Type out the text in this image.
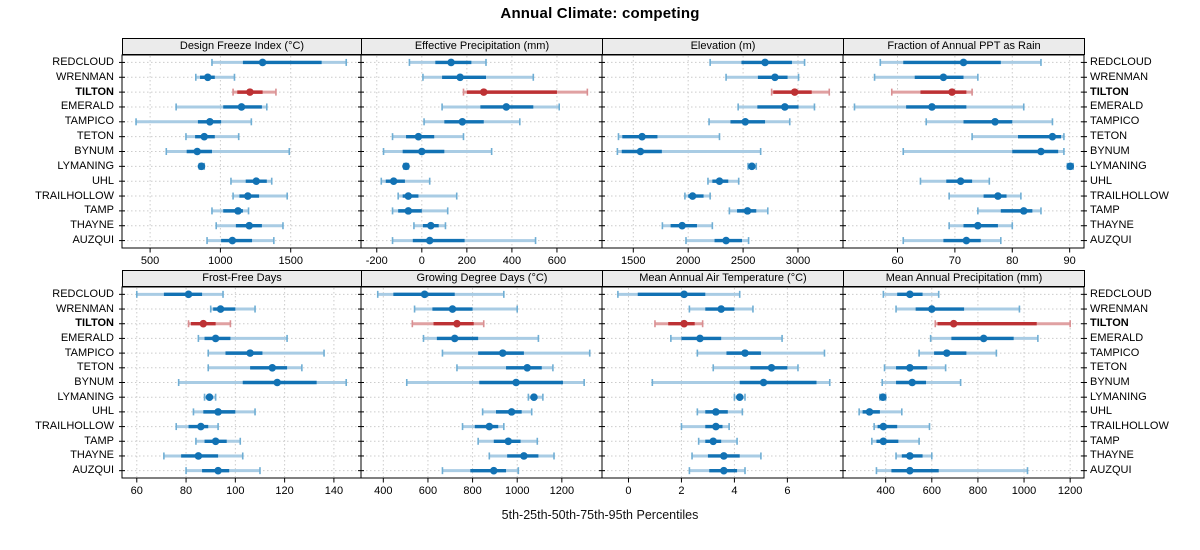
Annual Climate: competing
REDCLOUD	REDCLOUD
WRENMAN	WRENMAN
TILTON	TILTON
EMERALD	EMERALD
TAMPICO	TAMPICO
TETON	TETON
BYNUM	BYNUM
LYMANING	LYMANING
UHL	UHL
TRAILHOLLOW	TRAILHOLLOW
TAMP	TAMP
THAYNE	THAYNE
AUZQUI	AUZQUI
Design Freeze Index (°C)	Effective Precipitation (mm)	Elevation (m)	Fraction of Annual PPT as Rain
500	1000	1500	-200	0	200 400 600	1500	2000	2500	3000	60	70	80	90
REDCLOUD	REDCLOUD
WRENMAN	WRENMAN
TILTON	TILTON
EMERALD	EMERALD
TAMPICO	TAMPICO
TETON	TETON
BYNUM	BYNUM
LYMANING	LYMANING
UHL	UHL
TRAILHOLLOW	TRAILHOLLOW
TAMP	TAMP
THAYNE	THAYNE
AUZQUI	AUZQUI
Frost-Free Days	Growing Degree Days (°C)	Mean Annual Air Temperature (°C)	Mean Annual Precipitation (mm)
60	80	100	120	140	400 600 800 1000 1200	0	2	4	6	400	600	800 1000 1200
5th-25th-50th-75th-95th Percentiles
